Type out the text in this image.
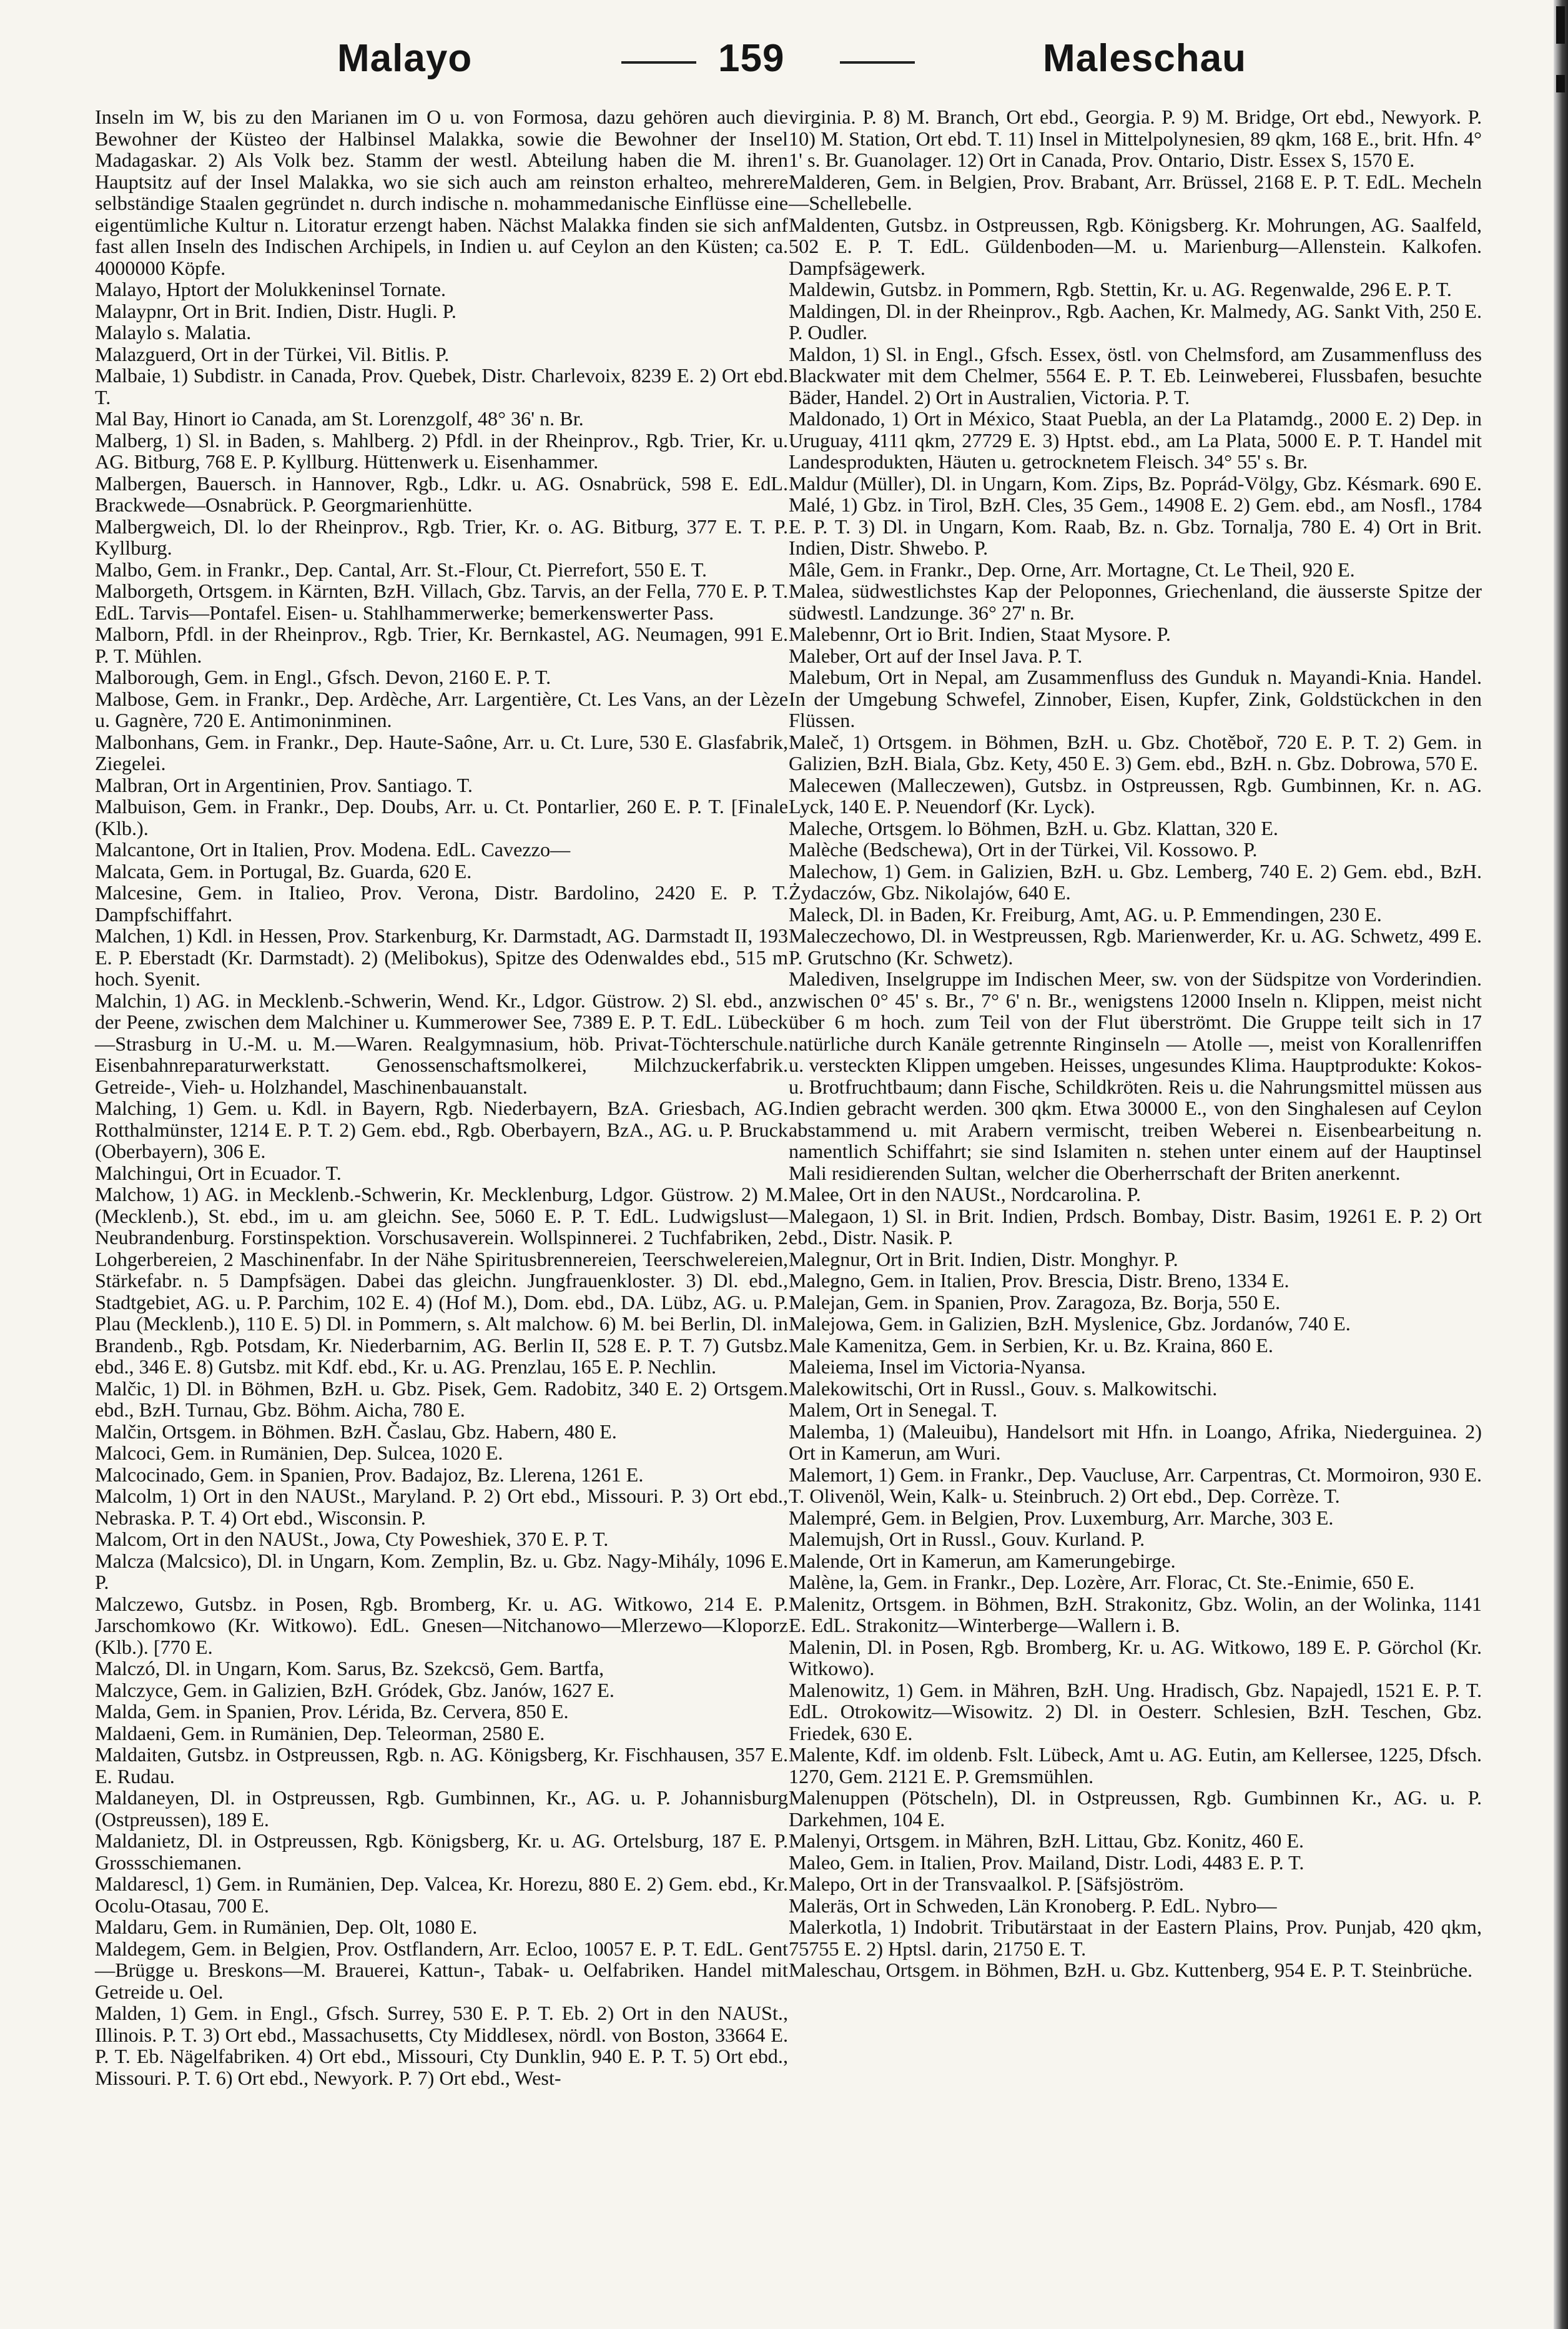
Malayo	159	Maleschau

Inseln im W, bis zu den Marianen im O u. von Formosa, dazu gehören auch die Bewohner der Küsteo der Halbinsel Malakka, sowie die Bewohner der Insel Madagaskar. 2) Als Volk bez. Stamm der westl. Abteilung haben die M. ihren Hauptsitz auf der Insel Malakka, wo sie sich auch am reinston erhalteo, mehrere selbständige Staalen gegründet n. durch indische n. mohammedanische Einflüsse eine eigentümliche Kultur n. Litoratur erzengt haben. Nächst Malakka finden sie sich anf fast allen Inseln des Indischen Archipels, in Indien u. auf Ceylon an den Küsten; ca. 4000000 Köpfe.

Malayo, Hptort der Molukkeninsel Tornate.

Malaypnr, Ort in Brit. Indien, Distr. Hugli. P.

Malaylo s. Malatia.

Malazguerd, Ort in der Türkei, Vil. Bitlis. P.

Malbaie, 1) Subdistr. in Canada, Prov. Quebek, Distr. Charlevoix, 8239 E. 2) Ort ebd. T.

Mal Bay, Hinort io Canada, am St. Lorenzgolf, 48° 36' n. Br.

Malberg, 1) Sl. in Baden, s. Mahlberg. 2) Pfdl. in der Rheinprov., Rgb. Trier, Kr. u. AG. Bitburg, 768 E. P. Kyllburg. Hüttenwerk u. Eisenhammer.

Malbergen, Bauersch. in Hannover, Rgb., Ldkr. u. AG. Osnabrück, 598 E. EdL. Brackwede—Osnabrück. P. Georgmarienhütte.

Malbergweich, Dl. lo der Rheinprov., Rgb. Trier, Kr. o. AG. Bitburg, 377 E. T. P. Kyllburg.

Malbo, Gem. in Frankr., Dep. Cantal, Arr. St.-Flour, Ct. Pierrefort, 550 E. T.

Malborgeth, Ortsgem. in Kärnten, BzH. Villach, Gbz. Tarvis, an der Fella, 770 E. P. T. EdL. Tarvis—Pontafel. Eisen- u. Stahlhammerwerke; bemerkenswerter Pass.

Malborn, Pfdl. in der Rheinprov., Rgb. Trier, Kr. Bernkastel, AG. Neumagen, 991 E. P. T. Mühlen.

Malborough, Gem. in Engl., Gfsch. Devon, 2160 E. P. T.

Malbose, Gem. in Frankr., Dep. Ardèche, Arr. Largentière, Ct. Les Vans, an der Lèze u. Gagnère, 720 E. Antimoninminen.

Malbonhans, Gem. in Frankr., Dep. Haute-Saône, Arr. u. Ct. Lure, 530 E. Glasfabrik, Ziegelei.

Malbran, Ort in Argentinien, Prov. Santiago. T.

Malbuison, Gem. in Frankr., Dep. Doubs, Arr. u. Ct. Pontarlier, 260 E. P. T. [Finale (Klb.).

Malcantone, Ort in Italien, Prov. Modena. EdL. Cavezzo—

Malcata, Gem. in Portugal, Bz. Guarda, 620 E.

Malcesine, Gem. in Italieo, Prov. Verona, Distr. Bardolino, 2420 E. P. T. Dampfschiffahrt.

Malchen, 1) Kdl. in Hessen, Prov. Starkenburg, Kr. Darmstadt, AG. Darmstadt II, 193 E. P. Eberstadt (Kr. Darmstadt). 2) (Melibokus), Spitze des Odenwaldes ebd., 515 m hoch. Syenit.

Malchin, 1) AG. in Mecklenb.-Schwerin, Wend. Kr., Ldgor. Güstrow. 2) Sl. ebd., an der Peene, zwischen dem Malchiner u. Kummerower See, 7389 E. P. T. EdL. Lübeck—Strasburg in U.-M. u. M.—Waren. Realgymnasium, höb. Privat-Töchterschule. Eisenbahnreparaturwerkstatt. Genossenschaftsmolkerei, Milchzuckerfabrik. Getreide-, Vieh- u. Holzhandel, Maschinenbauanstalt.

Malching, 1) Gem. u. Kdl. in Bayern, Rgb. Niederbayern, BzA. Griesbach, AG. Rotthalmünster, 1214 E. P. T. 2) Gem. ebd., Rgb. Oberbayern, BzA., AG. u. P. Bruck (Oberbayern), 306 E.

Malchingui, Ort in Ecuador. T.

Malchow, 1) AG. in Mecklenb.-Schwerin, Kr. Mecklenburg, Ldgor. Güstrow. 2) M. (Mecklenb.), St. ebd., im u. am gleichn. See, 5060 E. P. T. EdL. Ludwigslust—Neubrandenburg. Forstinspektion. Vorschusaverein. Wollspinnerei. 2 Tuchfabriken, 2 Lohgerbereien, 2 Maschinenfabr. In der Nähe Spiritusbrennereien, Teerschwelereien, Stärkefabr. n. 5 Dampfsägen. Dabei das gleichn. Jungfrauenkloster. 3) Dl. ebd., Stadtgebiet, AG. u. P. Parchim, 102 E. 4) (Hof M.), Dom. ebd., DA. Lübz, AG. u. P. Plau (Mecklenb.), 110 E. 5) Dl. in Pommern, s. Alt malchow. 6) M. bei Berlin, Dl. in Brandenb., Rgb. Potsdam, Kr. Niederbarnim, AG. Berlin II, 528 E. P. T. 7) Gutsbz. ebd., 346 E. 8) Gutsbz. mit Kdf. ebd., Kr. u. AG. Prenzlau, 165 E. P. Nechlin.

Malčic, 1) Dl. in Böhmen, BzH. u. Gbz. Pisek, Gem. Radobitz, 340 E. 2) Ortsgem. ebd., BzH. Turnau, Gbz. Böhm. Aicha, 780 E.

Malčin, Ortsgem. in Böhmen. BzH. Časlau, Gbz. Habern, 480 E.

Malcoci, Gem. in Rumänien, Dep. Sulcea, 1020 E.

Malcocinado, Gem. in Spanien, Prov. Badajoz, Bz. Llerena, 1261 E.

Malcolm, 1) Ort in den NAUSt., Maryland. P. 2) Ort ebd., Missouri. P. 3) Ort ebd., Nebraska. P. T. 4) Ort ebd., Wisconsin. P.

Malcom, Ort in den NAUSt., Jowa, Cty Poweshiek, 370 E. P. T.

Malcza (Malcsico), Dl. in Ungarn, Kom. Zemplin, Bz. u. Gbz. Nagy-Mihály, 1096 E. P.

Malczewo, Gutsbz. in Posen, Rgb. Bromberg, Kr. u. AG. Witkowo, 214 E. P. Jarschomkowo (Kr. Witkowo). EdL. Gnesen—Nitchanowo—Mlerzewo—Kloporz (Klb.). [770 E.

Malczó, Dl. in Ungarn, Kom. Sarus, Bz. Szekcsö, Gem. Bartfa,

Malczyce, Gem. in Galizien, BzH. Gródek, Gbz. Janów, 1627 E.

Malda, Gem. in Spanien, Prov. Lérida, Bz. Cervera, 850 E.

Maldaeni, Gem. in Rumänien, Dep. Teleorman, 2580 E.

Maldaiten, Gutsbz. in Ostpreussen, Rgb. n. AG. Königsberg, Kr. Fischhausen, 357 E. E. Rudau.

Maldaneyen, Dl. in Ostpreussen, Rgb. Gumbinnen, Kr., AG. u. P. Johannisburg (Ostpreussen), 189 E.

Maldanietz, Dl. in Ostpreussen, Rgb. Königsberg, Kr. u. AG. Ortelsburg, 187 E. P. Grossschiemanen.

Maldarescl, 1) Gem. in Rumänien, Dep. Valcea, Kr. Horezu, 880 E. 2) Gem. ebd., Kr. Ocolu-Otasau, 700 E.

Maldaru, Gem. in Rumänien, Dep. Olt, 1080 E.

Maldegem, Gem. in Belgien, Prov. Ostflandern, Arr. Ecloo, 10057 E. P. T. EdL. Gent—Brügge u. Breskons—M. Brauerei, Kattun-, Tabak- u. Oelfabriken. Handel mit Getreide u. Oel.

Malden, 1) Gem. in Engl., Gfsch. Surrey, 530 E. P. T. Eb. 2) Ort in den NAUSt., Illinois. P. T. 3) Ort ebd., Massachusetts, Cty Middlesex, nördl. von Boston, 33664 E. P. T. Eb. Nägelfabriken. 4) Ort ebd., Missouri, Cty Dunklin, 940 E. P. T. 5) Ort ebd., Missouri. P. T. 6) Ort ebd., Newyork. P. 7) Ort ebd., West-

virginia. P. 8) M. Branch, Ort ebd., Georgia. P. 9) M. Bridge, Ort ebd., Newyork. P. 10) M. Station, Ort ebd. T. 11) Insel in Mittelpolynesien, 89 qkm, 168 E., brit. Hfn. 4° 1' s. Br. Guanolager. 12) Ort in Canada, Prov. Ontario, Distr. Essex S, 1570 E.

Malderen, Gem. in Belgien, Prov. Brabant, Arr. Brüssel, 2168 E. P. T. EdL. Mecheln—Schellebelle.

Maldenten, Gutsbz. in Ostpreussen, Rgb. Königsberg. Kr. Mohrungen, AG. Saalfeld, 502 E. P. T. EdL. Güldenboden—M. u. Marienburg—Allenstein. Kalkofen. Dampfsägewerk.

Maldewin, Gutsbz. in Pommern, Rgb. Stettin, Kr. u. AG. Regenwalde, 296 E. P. T.

Maldingen, Dl. in der Rheinprov., Rgb. Aachen, Kr. Malmedy, AG. Sankt Vith, 250 E. P. Oudler.

Maldon, 1) Sl. in Engl., Gfsch. Essex, östl. von Chelmsford, am Zusammenfluss des Blackwater mit dem Chelmer, 5564 E. P. T. Eb. Leinweberei, Flussbafen, besuchte Bäder, Handel. 2) Ort in Australien, Victoria. P. T.

Maldonado, 1) Ort in México, Staat Puebla, an der La Platamdg., 2000 E. 2) Dep. in Uruguay, 4111 qkm, 27729 E. 3) Hptst. ebd., am La Plata, 5000 E. P. T. Handel mit Landesprodukten, Häuten u. getrocknetem Fleisch. 34° 55' s. Br.

Maldur (Müller), Dl. in Ungarn, Kom. Zips, Bz. Poprád-Völgy, Gbz. Késmark. 690 E.

Malé, 1) Gbz. in Tirol, BzH. Cles, 35 Gem., 14908 E. 2) Gem. ebd., am Nosfl., 1784 E. P. T. 3) Dl. in Ungarn, Kom. Raab, Bz. n. Gbz. Tornalja, 780 E. 4) Ort in Brit. Indien, Distr. Shwebo. P.

Mâle, Gem. in Frankr., Dep. Orne, Arr. Mortagne, Ct. Le Theil, 920 E.

Malea, südwestlichstes Kap der Peloponnes, Griechenland, die äusserste Spitze der südwestl. Landzunge. 36° 27' n. Br.

Malebennr, Ort io Brit. Indien, Staat Mysore. P.

Maleber, Ort auf der Insel Java. P. T.

Malebum, Ort in Nepal, am Zusammenfluss des Gunduk n. Mayandi-Knia. Handel. In der Umgebung Schwefel, Zinnober, Eisen, Kupfer, Zink, Goldstückchen in den Flüssen.

Maleč, 1) Ortsgem. in Böhmen, BzH. u. Gbz. Chotěboř, 720 E. P. T. 2) Gem. in Galizien, BzH. Biala, Gbz. Kety, 450 E. 3) Gem. ebd., BzH. n. Gbz. Dobrowa, 570 E.

Malecewen (Malleczewen), Gutsbz. in Ostpreussen, Rgb. Gumbinnen, Kr. n. AG. Lyck, 140 E. P. Neuendorf (Kr. Lyck).

Maleche, Ortsgem. lo Böhmen, BzH. u. Gbz. Klattan, 320 E.

Malèche (Bedschewa), Ort in der Türkei, Vil. Kossowo. P.

Malechow, 1) Gem. in Galizien, BzH. u. Gbz. Lemberg, 740 E. 2) Gem. ebd., BzH. Żydaczów, Gbz. Nikolajów, 640 E.

Maleck, Dl. in Baden, Kr. Freiburg, Amt, AG. u. P. Emmendingen, 230 E.

Maleczechowo, Dl. in Westpreussen, Rgb. Marienwerder, Kr. u. AG. Schwetz, 499 E. P. Grutschno (Kr. Schwetz).

Malediven, Inselgruppe im Indischen Meer, sw. von der Südspitze von Vorderindien. zwischen 0° 45' s. Br., 7° 6' n. Br., wenigstens 12000 Inseln n. Klippen, meist nicht über 6 m hoch. zum Teil von der Flut überströmt. Die Gruppe teilt sich in 17 natürliche durch Kanäle getrennte Ringinseln — Atolle —, meist von Korallenriffen u. versteckten Klippen umgeben. Heisses, ungesundes Klima. Hauptprodukte: Kokos- u. Brotfruchtbaum; dann Fische, Schildkröten. Reis u. die Nahrungsmittel müssen aus Indien gebracht werden. 300 qkm. Etwa 30000 E., von den Singhalesen auf Ceylon abstammend u. mit Arabern vermischt, treiben Weberei n. Eisenbearbeitung n. namentlich Schiffahrt; sie sind Islamiten n. stehen unter einem auf der Hauptinsel Mali residierenden Sultan, welcher die Oberherrschaft der Briten anerkennt.

Malee, Ort in den NAUSt., Nordcarolina. P.

Malegaon, 1) Sl. in Brit. Indien, Prdsch. Bombay, Distr. Basim, 19261 E. P. 2) Ort ebd., Distr. Nasik. P.

Malegnur, Ort in Brit. Indien, Distr. Monghyr. P.

Malegno, Gem. in Italien, Prov. Brescia, Distr. Breno, 1334 E.

Malejan, Gem. in Spanien, Prov. Zaragoza, Bz. Borja, 550 E.

Malejowa, Gem. in Galizien, BzH. Myslenice, Gbz. Jordanów, 740 E.

Male Kamenitza, Gem. in Serbien, Kr. u. Bz. Kraina, 860 E.

Maleiema, Insel im Victoria-Nyansa.

Malekowitschi, Ort in Russl., Gouv. s. Malkowitschi.

Malem, Ort in Senegal. T.

Malemba, 1) (Maleuibu), Handelsort mit Hfn. in Loango, Afrika, Niederguinea. 2) Ort in Kamerun, am Wuri.

Malemort, 1) Gem. in Frankr., Dep. Vaucluse, Arr. Carpentras, Ct. Mormoiron, 930 E. T. Olivenöl, Wein, Kalk- u. Steinbruch. 2) Ort ebd., Dep. Corrèze. T.

Malempré, Gem. in Belgien, Prov. Luxemburg, Arr. Marche, 303 E.

Malemujsh, Ort in Russl., Gouv. Kurland. P.

Malende, Ort in Kamerun, am Kamerungebirge.

Malène, la, Gem. in Frankr., Dep. Lozère, Arr. Florac, Ct. Ste.-Enimie, 650 E.

Malenitz, Ortsgem. in Böhmen, BzH. Strakonitz, Gbz. Wolin, an der Wolinka, 1141 E. EdL. Strakonitz—Winterberge—Wallern i. B.

Malenin, Dl. in Posen, Rgb. Bromberg, Kr. u. AG. Witkowo, 189 E. P. Görchol (Kr. Witkowo).

Malenowitz, 1) Gem. in Mähren, BzH. Ung. Hradisch, Gbz. Napajedl, 1521 E. P. T. EdL. Otrokowitz—Wisowitz. 2) Dl. in Oesterr. Schlesien, BzH. Teschen, Gbz. Friedek, 630 E.

Malente, Kdf. im oldenb. Fslt. Lübeck, Amt u. AG. Eutin, am Kellersee, 1225, Dfsch. 1270, Gem. 2121 E. P. Gremsmühlen.

Malenuppen (Pötscheln), Dl. in Ostpreussen, Rgb. Gumbinnen Kr., AG. u. P. Darkehmen, 104 E.

Malenyi, Ortsgem. in Mähren, BzH. Littau, Gbz. Konitz, 460 E.

Maleo, Gem. in Italien, Prov. Mailand, Distr. Lodi, 4483 E. P. T.

Malepo, Ort in der Transvaalkol. P. [Säfsjöström.

Maleräs, Ort in Schweden, Län Kronoberg. P. EdL. Nybro—

Malerkotla, 1) Indobrit. Tributärstaat in der Eastern Plains, Prov. Punjab, 420 qkm, 75755 E. 2) Hptsl. darin, 21750 E. T.

Maleschau, Ortsgem. in Böhmen, BzH. u. Gbz. Kuttenberg, 954 E. P. T. Steinbrüche.
